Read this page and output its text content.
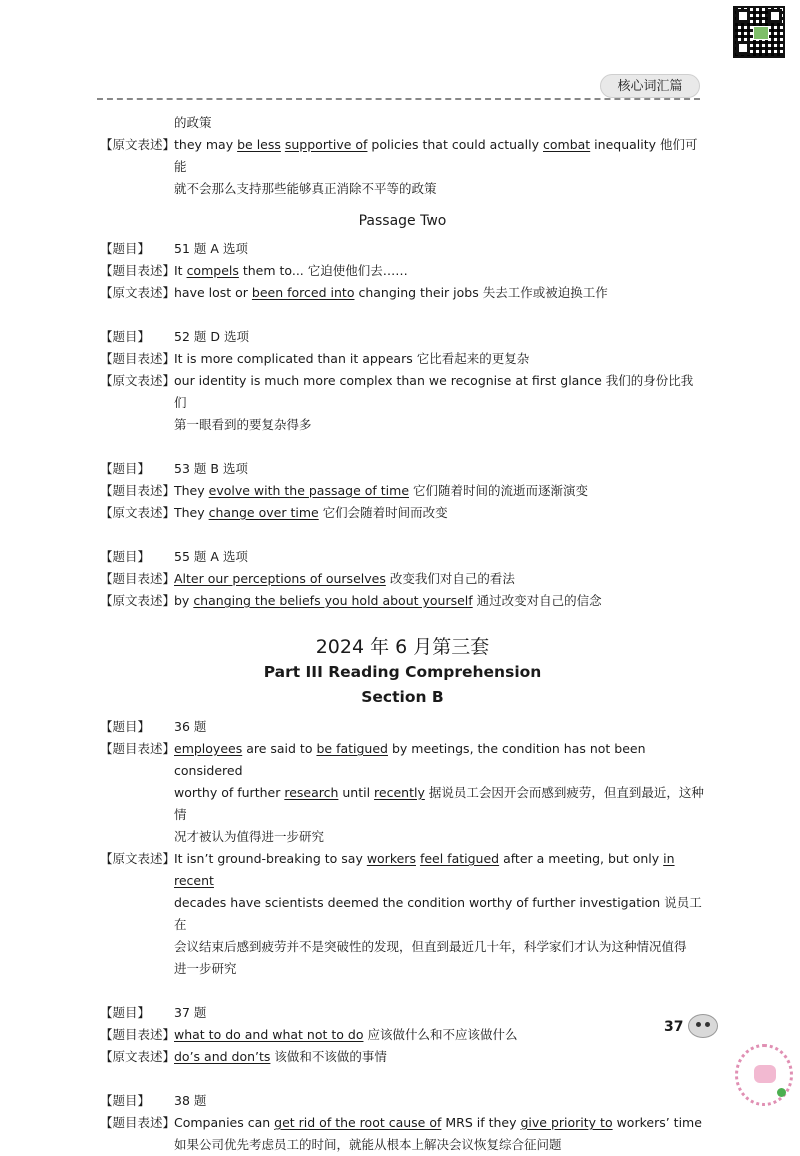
核心词汇篇
的政策
【原文表述】
they may be less supportive of policies that could actually combat inequality 他们可能
就不会那么支持那些能够真正消除不平等的政策
Passage Two
【题目】	51 题 A 选项
【题目表述】
It compels them to... 它迫使他们去……
【原文表述】
have lost or been forced into changing their jobs 失去工作或被迫换工作
【题目】	52 题 D 选项
【题目表述】
It is more complicated than it appears 它比看起来的更复杂
【原文表述】
our identity is much more complex than we recognise at first glance 我们的身份比我们
第一眼看到的要复杂得多
【题目】	53 题 B 选项
【题目表述】
They evolve with the passage of time 它们随着时间的流逝而逐渐演变
【原文表述】
They change over time 它们会随着时间而改变
【题目】	55 题 A 选项
【题目表述】
Alter our perceptions of ourselves 改变我们对自己的看法
【原文表述】
by changing the beliefs you hold about yourself 通过改变对自己的信念
2024 年 6 月第三套
Part III Reading Comprehension
Section B
【题目】	36 题
【题目表述】
employees are said to be fatigued by meetings, the condition has not been considered
worthy of further research until recently 据说员工会因开会而感到疲劳，但直到最近，这种情
况才被认为值得进一步研究
【原文表述】
It isn’t ground-breaking to say workers feel fatigued after a meeting, but only in recent
decades have scientists deemed the condition worthy of further investigation 说员工在
会议结束后感到疲劳并不是突破性的发现，但直到最近几十年，科学家们才认为这种情况值得
进一步研究
【题目】	37 题
【题目表述】
what to do and what not to do 应该做什么和不应该做什么
【原文表述】
do’s and don’ts 该做和不该做的事情
【题目】	38 题
【题目表述】
Companies can get rid of the root cause of MRS if they give priority to workers’ time
如果公司优先考虑员工的时间，就能从根本上解决会议恢复综合征问题
37
